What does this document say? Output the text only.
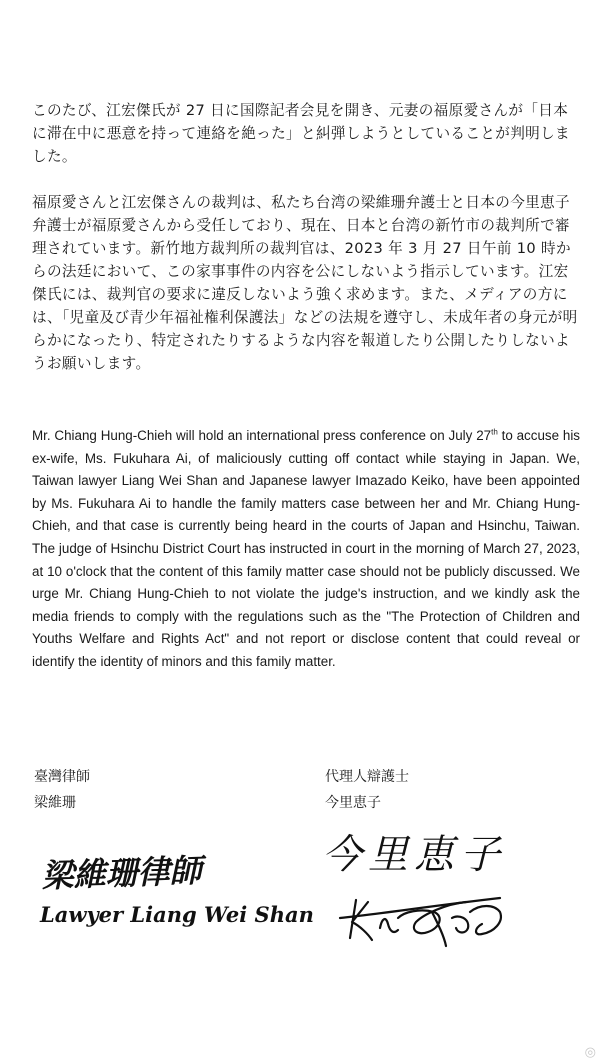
このたび、江宏傑氏が 27 日に国際記者会見を開き、元妻の福原愛さんが「日本に滞在中に悪意を持って連絡を絶った」と糾弾しようとしていることが判明しました。

福原愛さんと江宏傑さんの裁判は、私たち台湾の梁維珊弁護士と日本の今里恵子弁護士が福原愛さんから受任しており、現在、日本と台湾の新竹市の裁判所で審理されています。新竹地方裁判所の裁判官は、2023 年 3 月 27 日午前 10 時からの法廷において、この家事事件の内容を公にしないよう指示しています。江宏傑氏には、裁判官の要求に違反しないよう強く求めます。また、メディアの方には、「児童及び青少年福祉権利保護法」などの法規を遵守し、未成年者の身元が明らかになったり、特定されたりするような内容を報道したり公開したりしないようお願いします。

Mr. Chiang Hung-Chieh will hold an international press conference on July 27th to accuse his ex-wife, Ms. Fukuhara Ai, of maliciously cutting off contact while staying in Japan. We, Taiwan lawyer Liang Wei Shan and Japanese lawyer Imazado Keiko, have been appointed by Ms. Fukuhara Ai to handle the family matters case between her and Mr. Chiang Hung-Chieh, and that case is currently being heard in the courts of Japan and Hsinchu, Taiwan. The judge of Hsinchu District Court has instructed in court in the morning of March 27, 2023, at 10 o'clock that the content of this family matter case should not be publicly discussed. We urge Mr. Chiang Hung-Chieh to not violate the judge's instruction, and we kindly ask the media friends to comply with the regulations such as the "The Protection of Children and Youths Welfare and Rights Act" and not report or disclose content that could reveal or identify the identity of minors and this family matter.

臺灣律師
梁維珊
代理人辯護士
今里恵子
梁維珊律師
Lawyer Liang Wei Shan
今里恵子
◎
